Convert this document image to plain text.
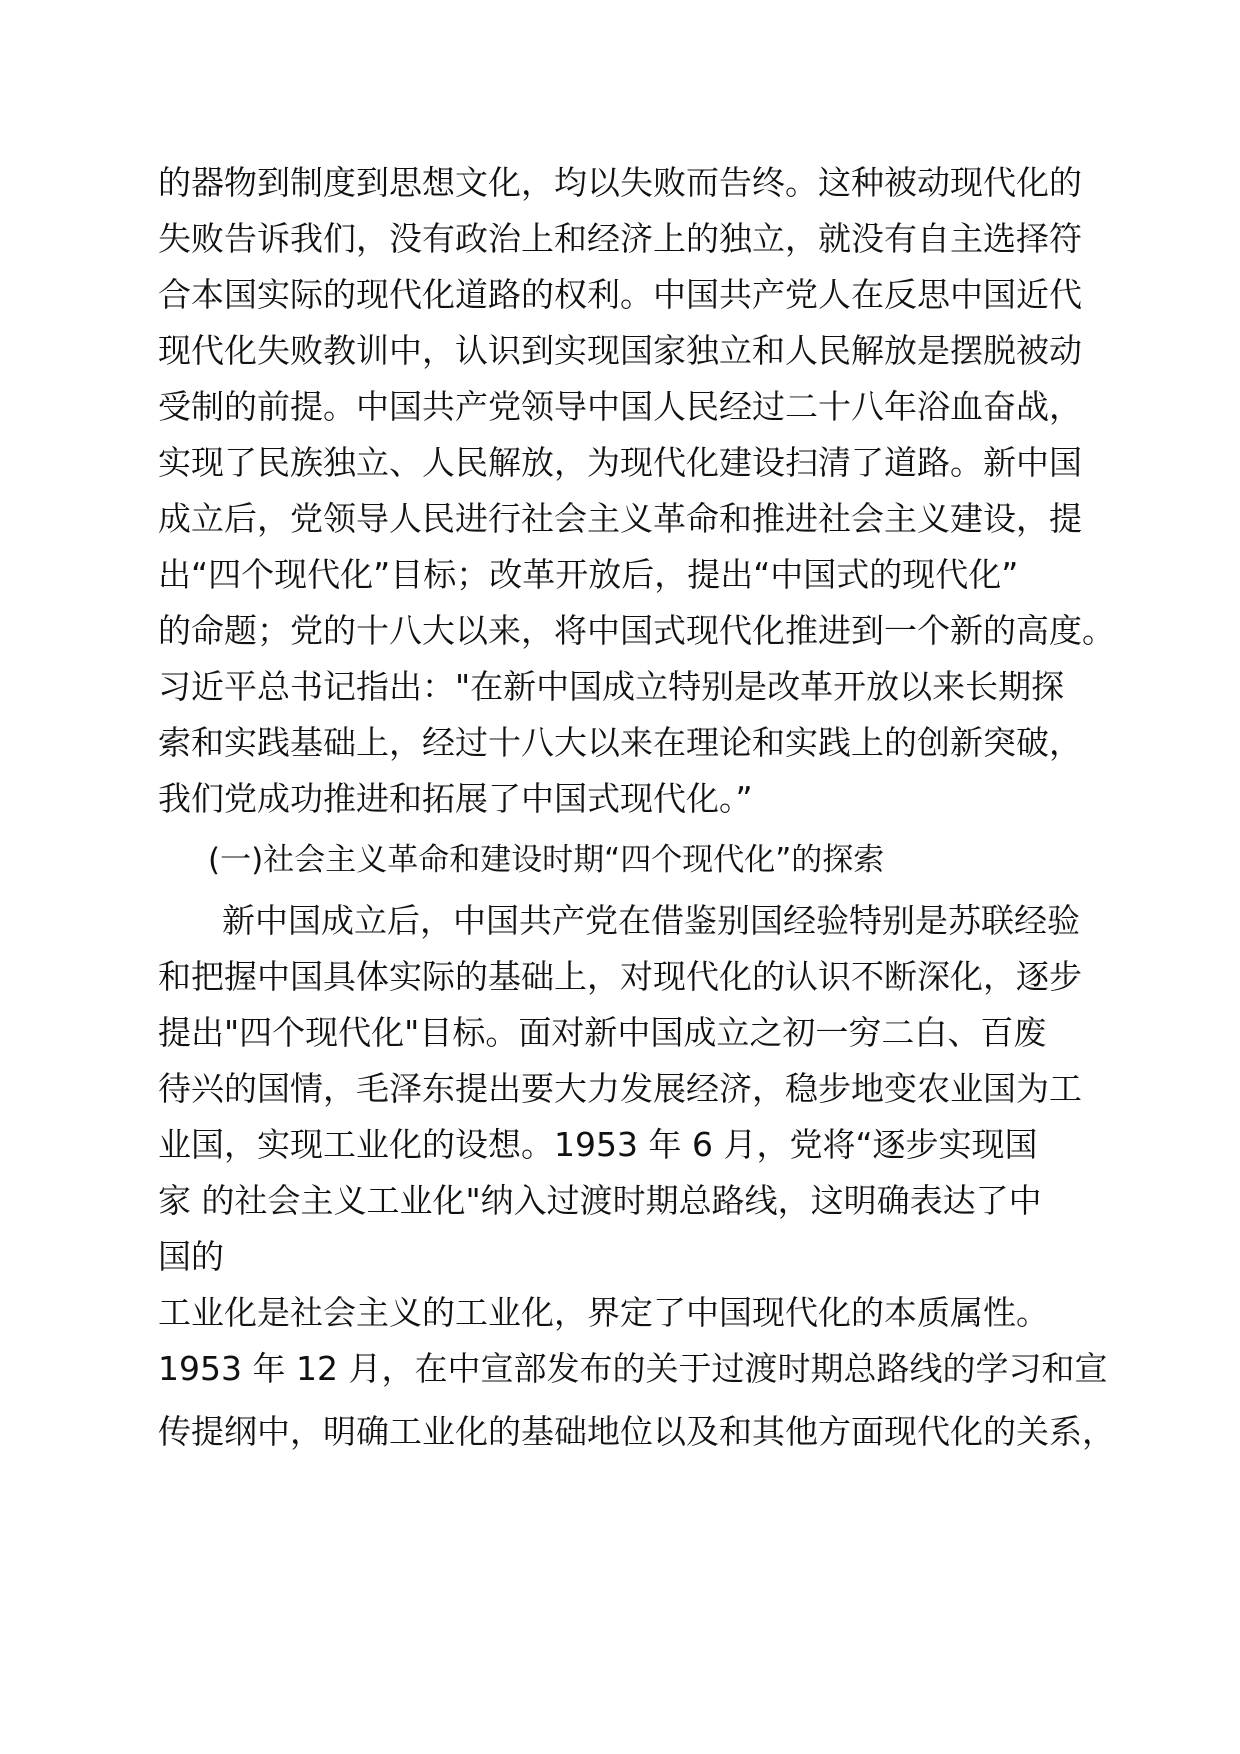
的器物到制度到思想文化，均以失败而告终。这种被动现代化的
失败告诉我们，没有政治上和经济上的独立，就没有自主选择符
合本国实际的现代化道路的权利。中国共产党人在反思中国近代
现代化失败教训中，认识到实现国家独立和人民解放是摆脱被动
受制的前提。中国共产党领导中国人民经过二十八年浴血奋战，
实现了民族独立、人民解放，为现代化建设扫清了道路。新中国
成立后，党领导人民进行社会主义革命和推进社会主义建设，提
出“四个现代化”目标；改革开放后，提出“中国式的现代化”
的命题；党的十八大以来，将中国式现代化推进到一个新的高度。
习近平总书记指出："在新中国成立特别是改革开放以来长期探
索和实践基础上，经过十八大以来在理论和实践上的创新突破，
我们党成功推进和拓展了中国式现代化。”
(一)社会主义革命和建设时期“四个现代化”的探索
新中国成立后，中国共产党在借鉴别国经验特别是苏联经验
和把握中国具体实际的基础上，对现代化的认识不断深化，逐步
提出"四个现代化"目标。面对新中国成立之初一穷二白、百废
待兴的国情，毛泽东提出要大力发展经济，稳步地变农业国为工
业国，实现工业化的设想。1953 年 6 月，党将“逐步实现国
家 的社会主义工业化"纳入过渡时期总路线，这明确表达了中
国的
工业化是社会主义的工业化，界定了中国现代化的本质属性。
1953 年 12 月，在中宣部发布的关于过渡时期总路线的学习和宣
传提纲中，明确工业化的基础地位以及和其他方面现代化的关系，
